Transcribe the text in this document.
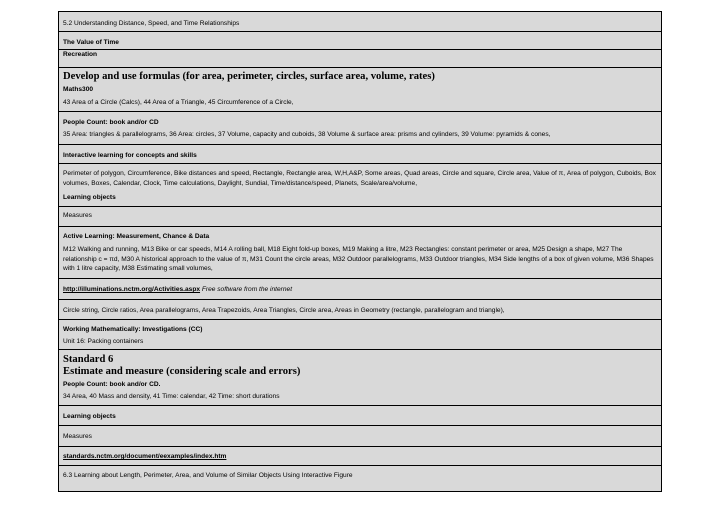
5.2 Understanding Distance, Speed, and Time Relationships
The Value of Time
Recreation
Develop and use formulas (for area, perimeter, circles, surface area, volume, rates)
Maths300
43 Area of a Circle (Calcs), 44 Area of a Triangle, 45 Circumference of a Circle,
People Count: book and/or CD
35 Area: triangles & parallelograms, 36 Area: circles, 37 Volume, capacity and cuboids, 38 Volume & surface area: prisms and cylinders, 39 Volume: pyramids & cones,
Interactive learning for concepts and skills
Perimeter of polygon, Circumference, Bike distances and speed, Rectangle, Rectangle area, W,H,A&P, Some areas, Quad areas, Circle and square, Circle area, Value of π, Area of polygon, Cuboids, Box volumes, Boxes, Calendar, Clock, Time calculations, Daylight, Sundial, Time/distance/speed, Planets, Scale/area/volume,
Learning objects
Measures
Active Learning: Measurement, Chance & Data
M12 Walking and running, M13 Bike or car speeds, M14 A rolling ball, M18 Eight fold-up boxes, M19 Making a litre, M23 Rectangles: constant perimeter or area, M25 Design a shape, M27 The relationship c = πd, M30 A historical approach to the value of π, M31 Count the circle areas, M32 Outdoor parallelograms, M33 Outdoor triangles, M34 Side lengths of a box of given volume, M36 Shapes with 1 litre capacity, M38 Estimating small volumes,
http://illuminations.nctm.org/Activities.aspx Free software from the internet
Circle string, Circle ratios, Area parallelograms, Area Trapezoids, Area Triangles, Circle area, Areas in Geometry (rectangle, parallelogram and triangle),
Working Mathematically: Investigations (CC)
Unit 16: Packing containers
Standard 6
Estimate and measure (considering scale and errors)
People Count: book and/or CD.
34 Area, 40 Mass and density, 41 Time: calendar, 42 Time: short durations
Learning objects
Measures
standards.nctm.org/document/eexamples/index.htm
6.3 Learning about Length, Perimeter, Area, and Volume of Similar Objects Using Interactive Figure
